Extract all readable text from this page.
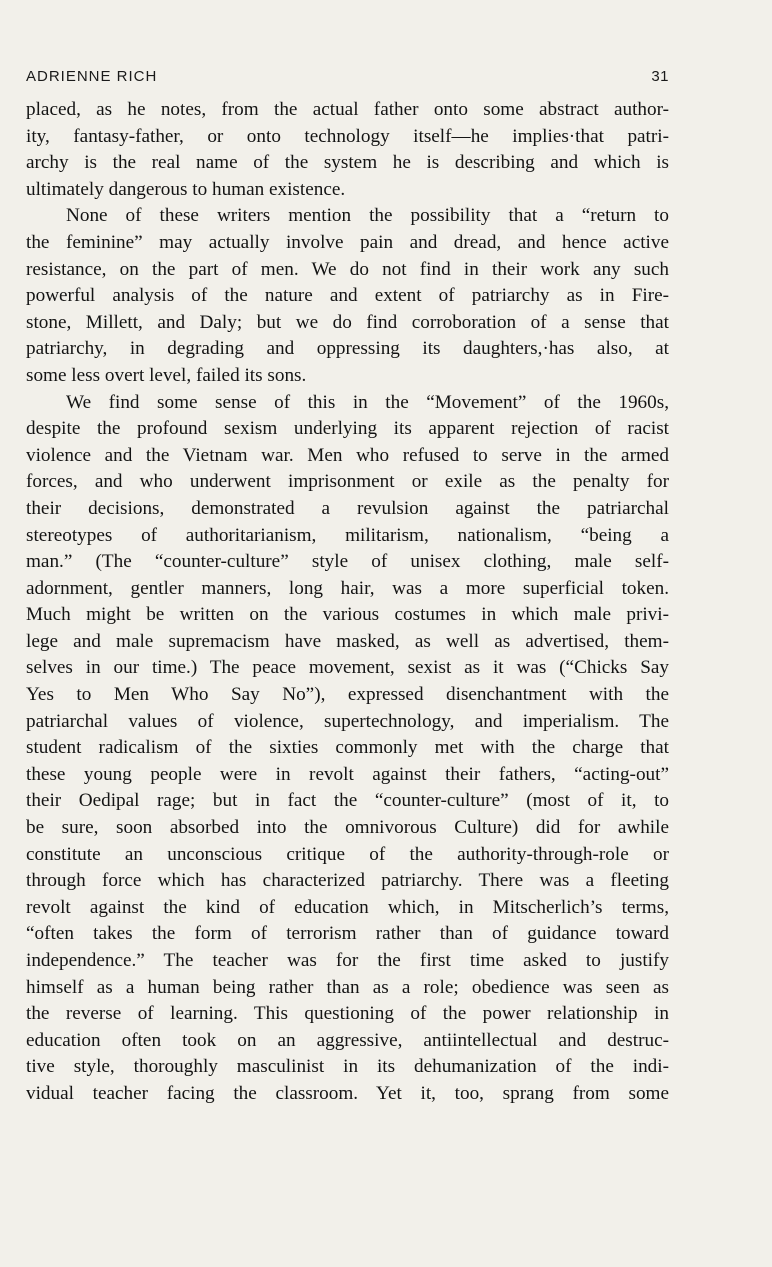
ADRIENNE RICH	31
placed, as he notes, from the actual father onto some abstract author-
ity, fantasy-father, or onto technology itself—he implies·that patri-
archy is the real name of the system he is describing and which is
ultimately dangerous to human existence.
None of these writers mention the possibility that a “return to
the feminine” may actually involve pain and dread, and hence active
resistance, on the part of men. We do not find in their work any such
powerful analysis of the nature and extent of patriarchy as in Fire-
stone, Millett, and Daly; but we do find corroboration of a sense that
patriarchy, in degrading and oppressing its daughters,·has also, at
some less overt level, failed its sons.
We find some sense of this in the “Movement” of the 1960s,
despite the profound sexism underlying its apparent rejection of racist
violence and the Vietnam war. Men who refused to serve in the armed
forces, and who underwent imprisonment or exile as the penalty for
their decisions, demonstrated a revulsion against the patriarchal
stereotypes of authoritarianism, militarism, nationalism, “being a
man.” (The “counter-culture” style of unisex clothing, male self-
adornment, gentler manners, long hair, was a more superficial token.
Much might be written on the various costumes in which male privi-
lege and male supremacism have masked, as well as advertised, them-
selves in our time.) The peace movement, sexist as it was (“Chicks Say
Yes to Men Who Say No”), expressed disenchantment with the
patriarchal values of violence, supertechnology, and imperialism. The
student radicalism of the sixties commonly met with the charge that
these young people were in revolt against their fathers, “acting-out”
their Oedipal rage; but in fact the “counter-culture” (most of it, to
be sure, soon absorbed into the omnivorous Culture) did for awhile
constitute an unconscious critique of the authority-through-role or
through force which has characterized patriarchy. There was a fleeting
revolt against the kind of education which, in Mitscherlich’s terms,
“often takes the form of terrorism rather than of guidance toward
independence.” The teacher was for the first time asked to justify
himself as a human being rather than as a role; obedience was seen as
the reverse of learning. This questioning of the power relationship in
education often took on an aggressive, antiintellectual and destruc-
tive style, thoroughly masculinist in its dehumanization of the indi-
vidual teacher facing the classroom. Yet it, too, sprang from some
